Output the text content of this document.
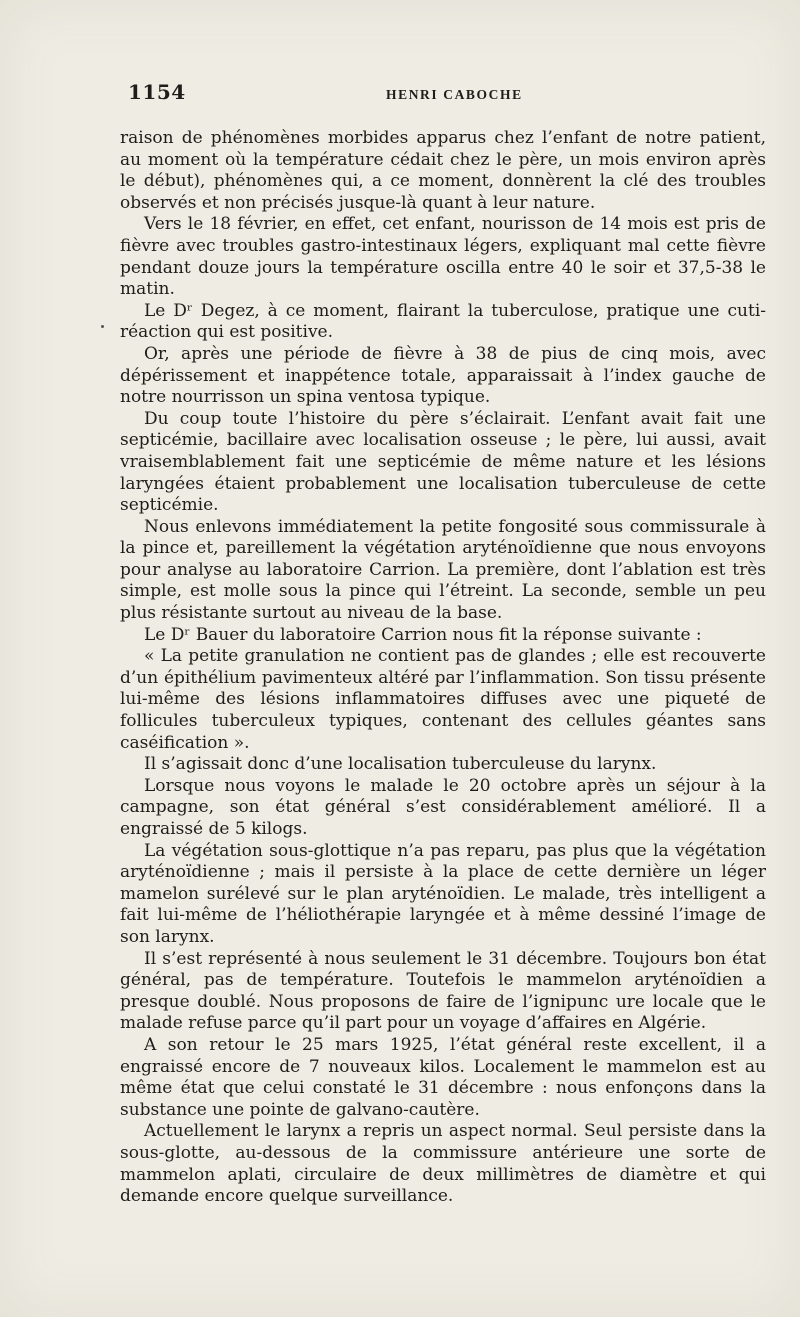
1154	HENRI CABOCHE

raison de phénomènes morbides apparus chez l’enfant de notre patient, au moment où la température cédait chez le père, un mois environ après le début), phénomènes qui, a ce moment, donnèrent la clé des troubles observés et non précisés jusque-là quant à leur nature.

Vers le 18 février, en effet, cet enfant, nourisson de 14 mois est pris de fièvre avec troubles gastro-intestinaux légers, expliquant mal cette fièvre pendant douze jours la température oscilla entre 40 le soir et 37,5-38 le matin.

Le Dʳ Degez, à ce moment, flairant la tuberculose, pratique une cuti-réaction qui est positive.

Or, après une période de fièvre à 38 de pius de cinq mois, avec dépérissement et inappétence totale, apparaissait à l’index gauche de notre nourrisson un spina ventosa typique.

Du coup toute l’histoire du père s’éclairait. L’enfant avait fait une septicémie, bacillaire avec localisation osseuse ; le père, lui aussi, avait vraisemblablement fait une septicémie de même nature et les lésions laryngées étaient probablement une localisation tuberculeuse de cette septicémie.

Nous enlevons immédiatement la petite fongosité sous commissurale à la pince et, pareillement la végétation aryténoïdienne que nous envoyons pour analyse au laboratoire Carrion. La première, dont l’ablation est très simple, est molle sous la pince qui l’étreint. La seconde, semble un peu plus résistante surtout au niveau de la base.

Le Dʳ Bauer du laboratoire Carrion nous fit la réponse suivante :

« La petite granulation ne contient pas de glandes ; elle est recouverte d’un épithélium pavimenteux altéré par l’inflammation. Son tissu présente lui-même des lésions inflammatoires diffuses avec une piqueté de follicules tuberculeux typiques, contenant des cellules géantes sans caséification ».

Il s’agissait donc d’une localisation tuberculeuse du larynx.

Lorsque nous voyons le malade le 20 octobre après un séjour à la campagne, son état général s’est considérablement amélioré. Il a engraissé de 5 kilogs.

La végétation sous-glottique n’a pas reparu, pas plus que la végétation aryténoïdienne ; mais il persiste à la place de cette dernière un léger mamelon surélevé sur le plan aryténoïdien. Le malade, très intelligent a fait lui-même de l’héliothérapie laryngée et à même dessiné l’image de son larynx.

Il s’est représenté à nous seulement le 31 décembre. Toujours bon état général, pas de température. Toutefois le mammelon aryténoïdien a presque doublé. Nous proposons de faire de l’ignipunc ure locale que le malade refuse parce qu’il part pour un voyage d’affaires en Algérie.

A son retour le 25 mars 1925, l’état général reste excellent, il a engraissé encore de 7 nouveaux kilos. Localement le mammelon est au même état que celui constaté le 31 décembre : nous enfonçons dans la substance une pointe de galvano-cautère.

Actuellement le larynx a repris un aspect normal. Seul persiste dans la sous-glotte, au-dessous de la commissure antérieure une sorte de mammelon aplati, circulaire de deux millimètres de diamètre et qui demande encore quelque surveillance.
